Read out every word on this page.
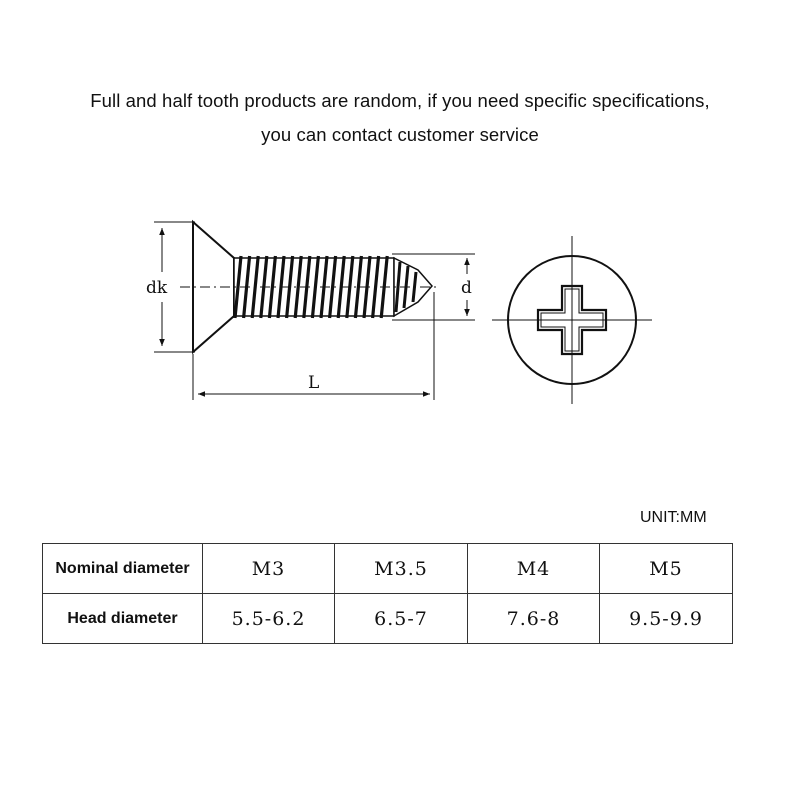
Full and half tooth products are random, if you need specific specifications,
you can contact customer service
dk	d
L
UNIT:MM
Nominal diameter	M3	M3.5	M4	M5
Head diameter	5.5-6.2	6.5-7	7.6-8	9.5-9.9
